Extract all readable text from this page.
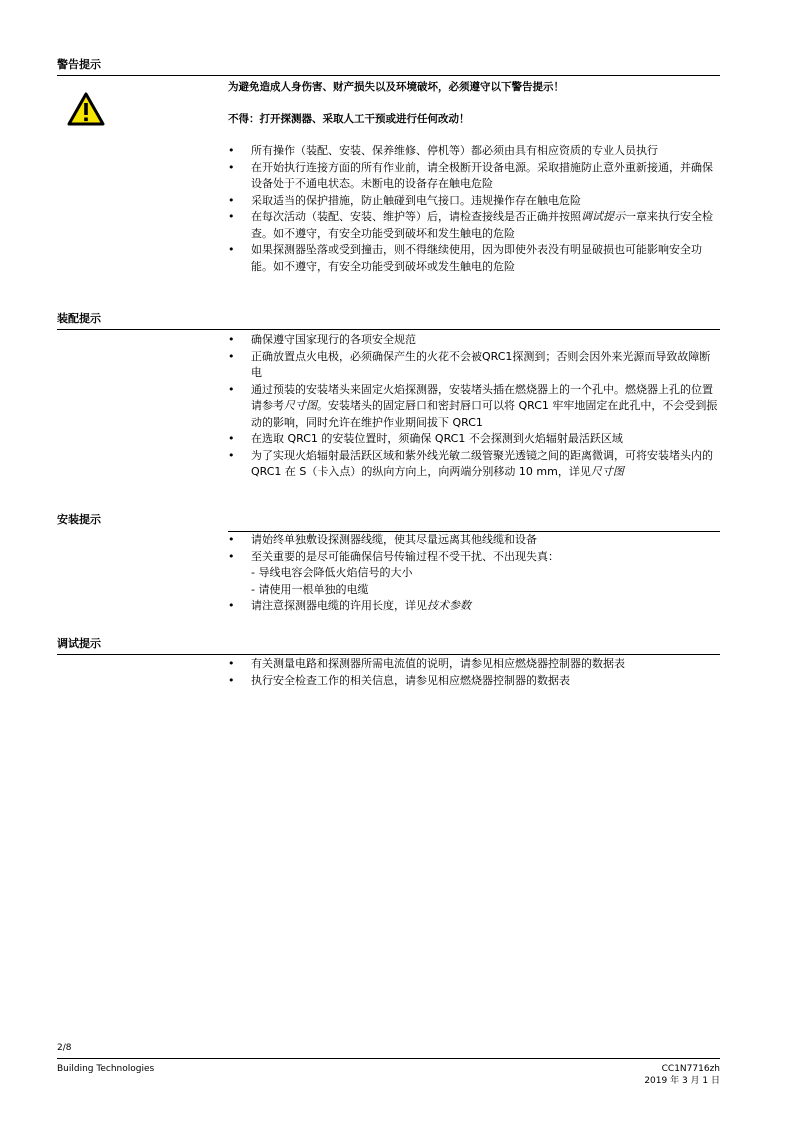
警告提示
为避免造成人身伤害、财产损失以及环境破坏，必须遵守以下警告提示！
不得：打开探测器、采取人工干预或进行任何改动！
• 所有操作（装配、安装、保养维修、停机等）都必须由具有相应资质的专业人员执行
• 在开始执行连接方面的所有作业前，请全极断开设备电源。采取措施防止意外重新接通，并确保设备处于不通电状态。未断电的设备存在触电危险
• 采取适当的保护措施，防止触碰到电气接口。违规操作存在触电危险
• 在每次活动（装配、安装、维护等）后，请检查接线是否正确并按照调试提示一章来执行安全检查。如不遵守，有安全功能受到破坏和发生触电的危险
• 如果探测器坠落或受到撞击，则不得继续使用，因为即使外表没有明显破损也可能影响安全功能。如不遵守，有安全功能受到破坏或发生触电的危险
装配提示
• 确保遵守国家现行的各项安全规范
• 正确放置点火电极，必须确保产生的火花不会被QRC1探测到；否则会因外来光源而导致故障断电
• 通过预装的安装堵头来固定火焰探测器，安装堵头插在燃烧器上的一个孔中。燃烧器上孔的位置请参考尺寸图。安装堵头的固定唇口和密封唇口可以将 QRC1 牢牢地固定在此孔中，不会受到振动的影响，同时允许在维护作业期间拔下 QRC1
• 在选取 QRC1 的安装位置时，须确保 QRC1 不会探测到火焰辐射最活跃区域
• 为了实现火焰辐射最活跃区域和紫外线光敏二级管聚光透镜之间的距离微调，可将安装堵头内的 QRC1 在 S（卡入点）的纵向方向上，向两端分别移动 10 mm，详见尺寸图
安装提示
• 请始终单独敷设探测器线缆，使其尽量远离其他线缆和设备
• 至关重要的是尽可能确保信号传输过程不受干扰、不出现失真：
- 导线电容会降低火焰信号的大小
- 请使用一根单独的电缆
• 请注意探测器电缆的许用长度，详见技术参数
调试提示
• 有关测量电路和探测器所需电流值的说明，请参见相应燃烧器控制器的数据表
• 执行安全检查工作的相关信息，请参见相应燃烧器控制器的数据表
2/8
Building Technologies	CC1N7716zh
2019 年 3 月 1 日
